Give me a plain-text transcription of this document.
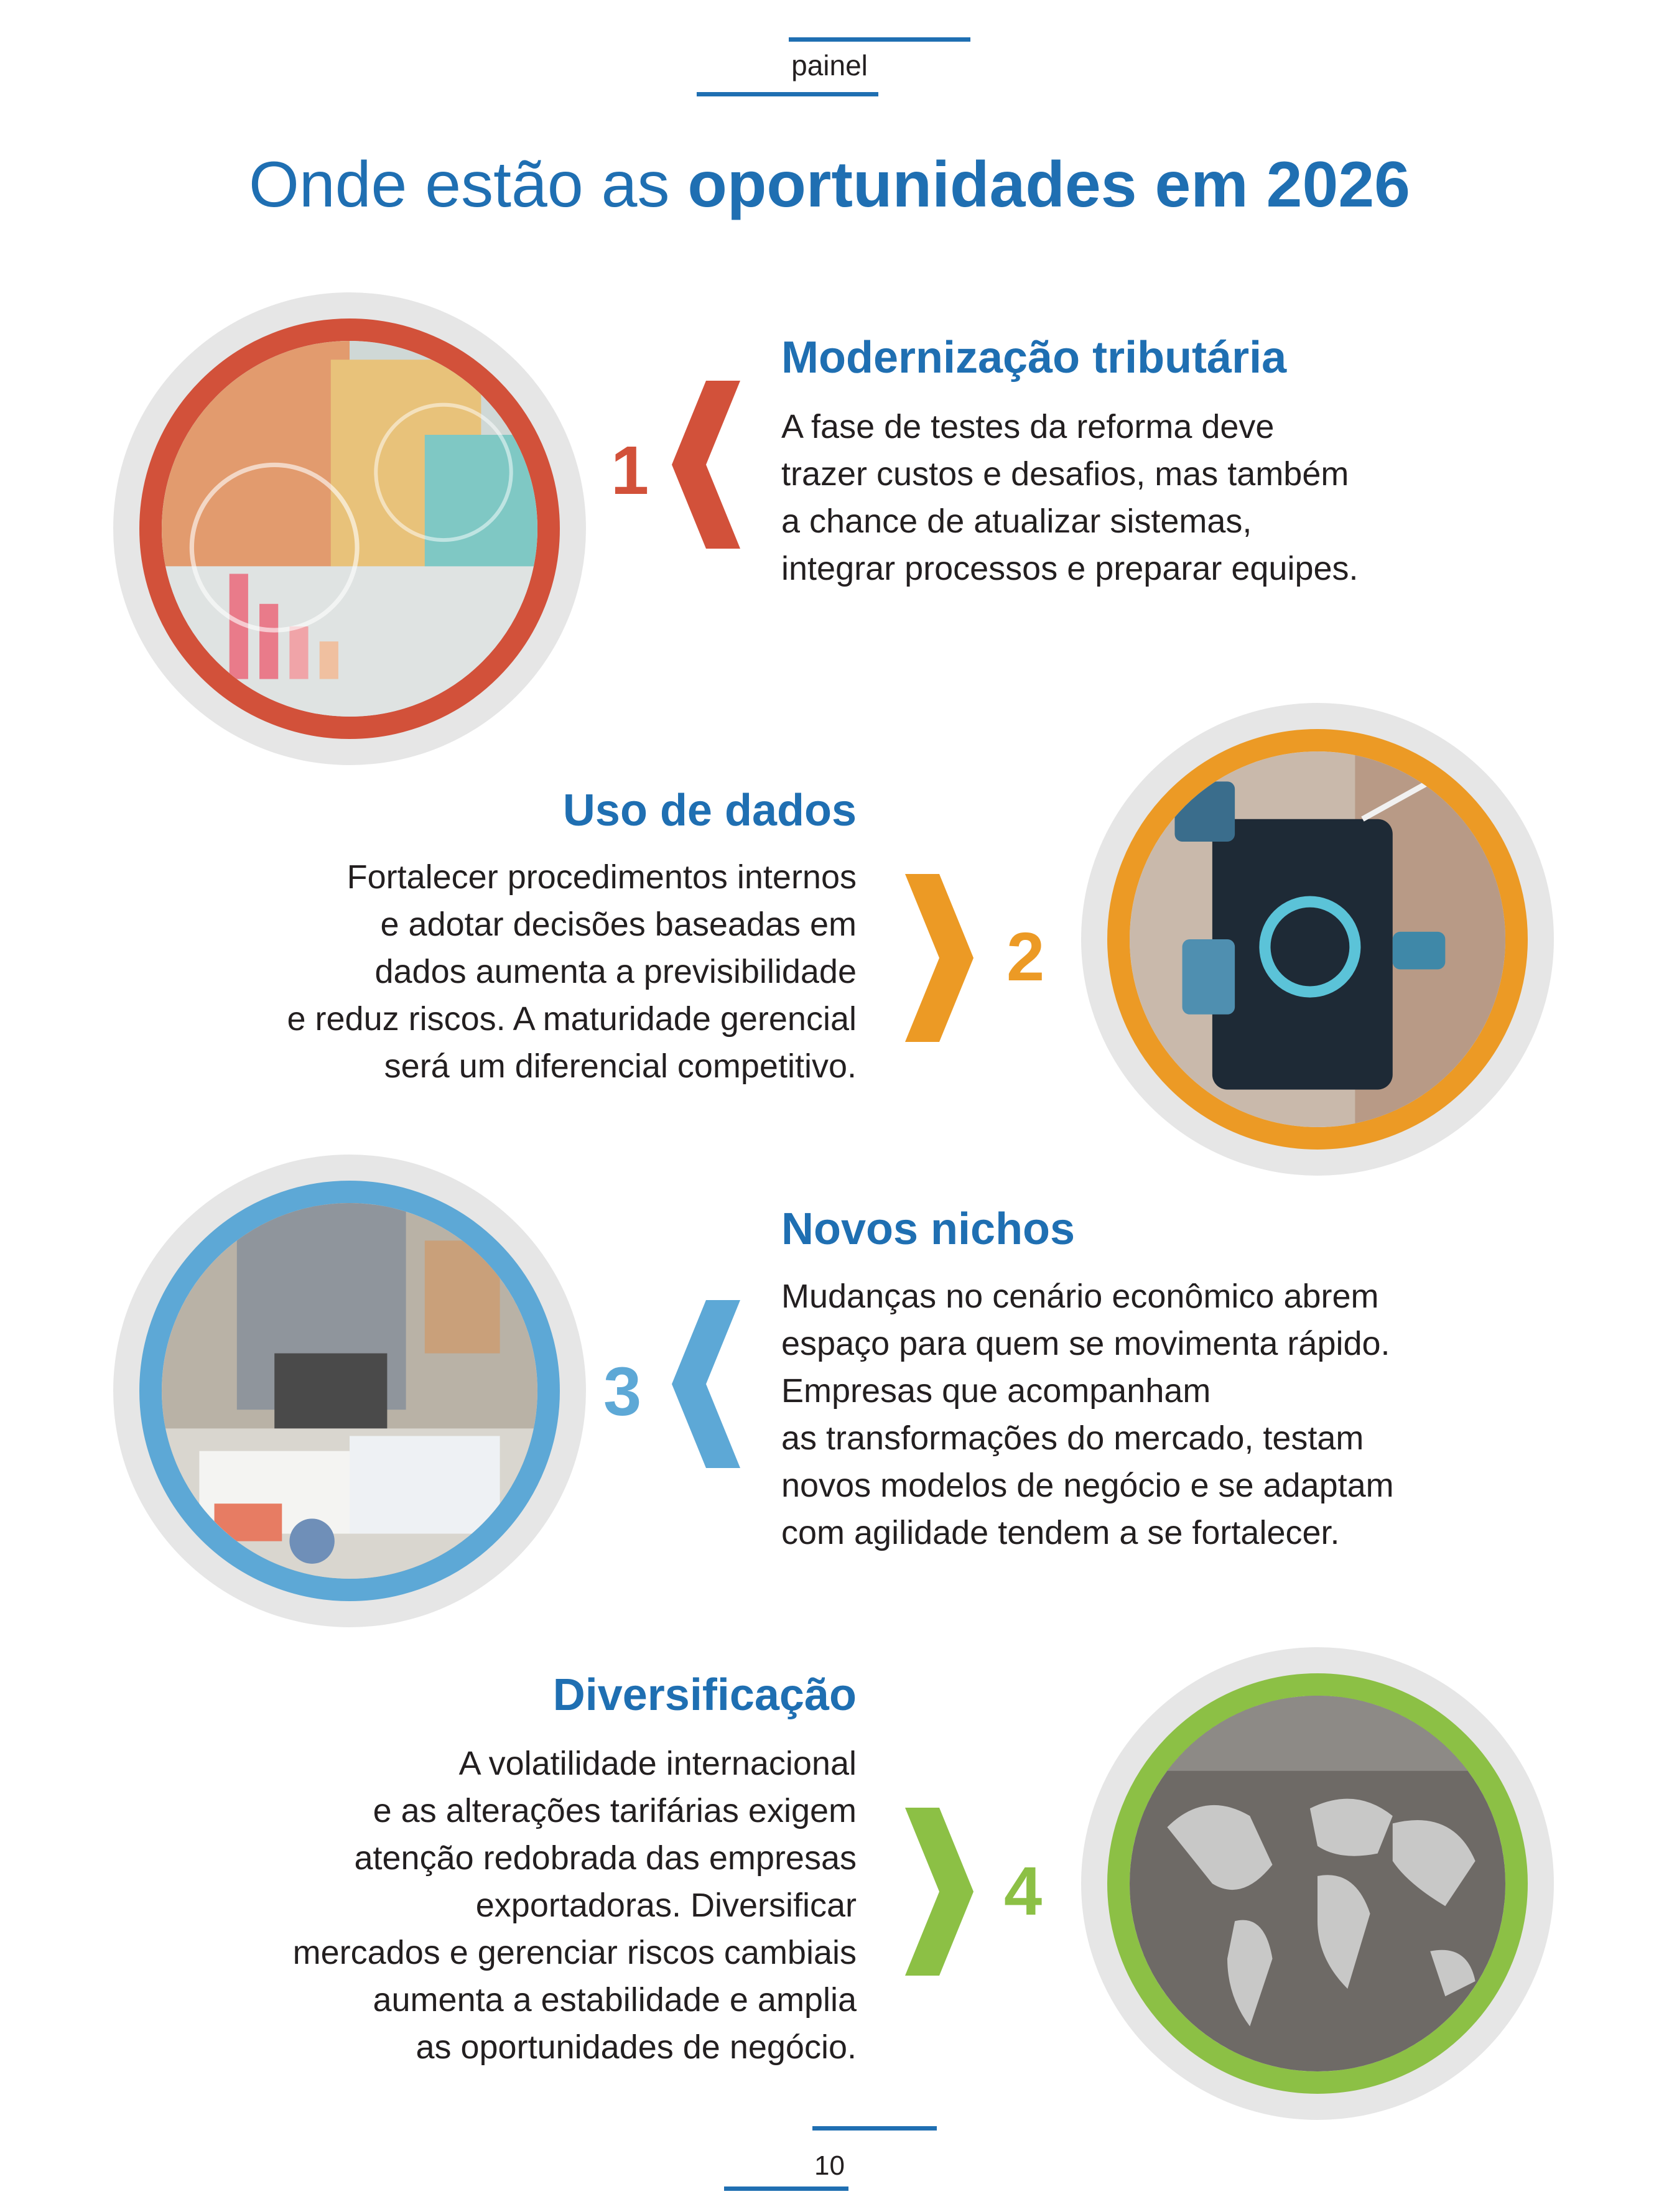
painel
Onde estão as oportunidades em 2026
1
Modernização tributária
A fase de testes da reforma deve
trazer custos e desafios, mas também
a chance de atualizar sistemas,
integrar processos e preparar equipes.
2
Uso de dados
Fortalecer procedimentos internos
e adotar decisões baseadas em
dados aumenta a previsibilidade
e reduz riscos. A maturidade gerencial
será um diferencial competitivo.
3
Novos nichos
Mudanças no cenário econômico abrem
espaço para quem se movimenta rápido.
Empresas que acompanham
as transformações do mercado, testam
novos modelos de negócio e se adaptam
com agilidade tendem a se fortalecer.
4
Diversificação
A volatilidade internacional
e as alterações tarifárias exigem
atenção redobrada das empresas
exportadoras. Diversificar
mercados e gerenciar riscos cambiais
aumenta a estabilidade e amplia
as oportunidades de negócio.
10
